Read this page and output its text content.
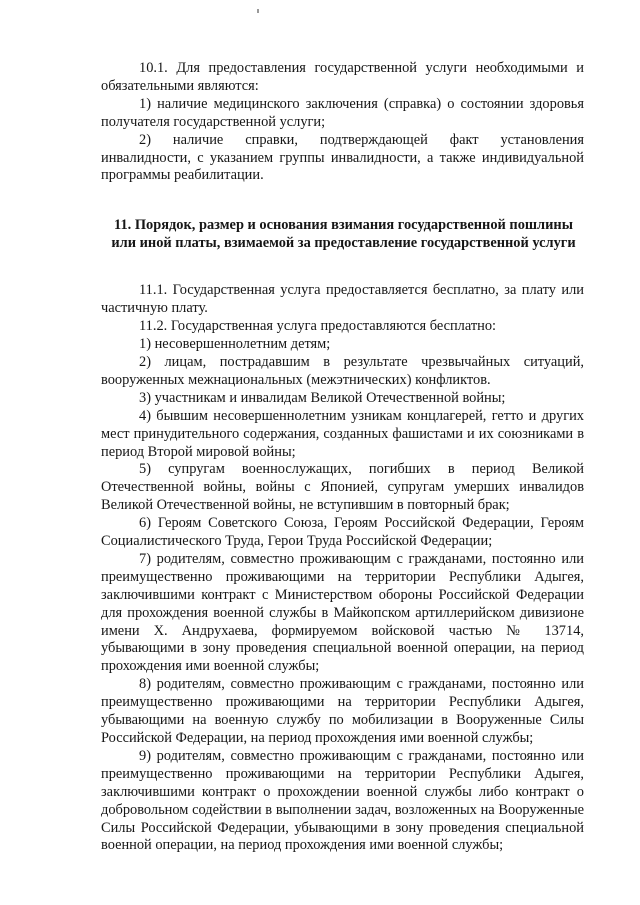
10.1. Для предоставления государственной услуги необходимыми и обязательными являются:

1) наличие медицинского заключения (справка) о состоянии здоровья получателя государственной услуги;

2) наличие справки, подтверждающей факт установления инвалидности, с указанием группы инвалидности, а также индивидуальной программы реабилитации.

11. Порядок, размер и основания взимания государственной пошлины или иной платы, взимаемой за предоставление государственной услуги

11.1. Государственная услуга предоставляется бесплатно, за плату или частичную плату.

11.2. Государственная услуга предоставляются бесплатно:

1) несовершеннолетним детям;

2) лицам, пострадавшим в результате чрезвычайных ситуаций, вооруженных межнациональных (межэтнических) конфликтов.

3) участникам и инвалидам Великой Отечественной войны;

4) бывшим несовершеннолетним узникам концлагерей, гетто и других мест принудительного содержания, созданных фашистами и их союзниками в период Второй мировой войны;

5) супругам военнослужащих, погибших в период Великой Отечественной войны, войны с Японией, супругам умерших инвалидов Великой Отечественной войны, не вступившим в повторный брак;

6) Героям Советского Союза, Героям Российской Федерации, Героям Социалистического Труда, Герои Труда Российской Федерации;

7) родителям, совместно проживающим с гражданами, постоянно или преимущественно проживающими на территории Республики Адыгея, заключившими контракт с Министерством обороны Российской Федерации для прохождения военной службы в Майкопском артиллерийском дивизионе имени Х. Андрухаева, формируемом войсковой частью № 13714, убывающими в зону проведения специальной военной операции, на период прохождения ими военной службы;

8) родителям, совместно проживающим с гражданами, постоянно или преимущественно проживающими на территории Республики Адыгея, убывающими на военную службу по мобилизации в Вооруженные Силы Российской Федерации, на период прохождения ими военной службы;

9) родителям, совместно проживающим с гражданами, постоянно или преимущественно проживающими на территории Республики Адыгея, заключившими контракт о прохождении военной службы либо контракт о добровольном содействии в выполнении задач, возложенных на Вооруженные Силы Российской Федерации, убывающими в зону проведения специальной военной операции, на период прохождения ими военной службы;
